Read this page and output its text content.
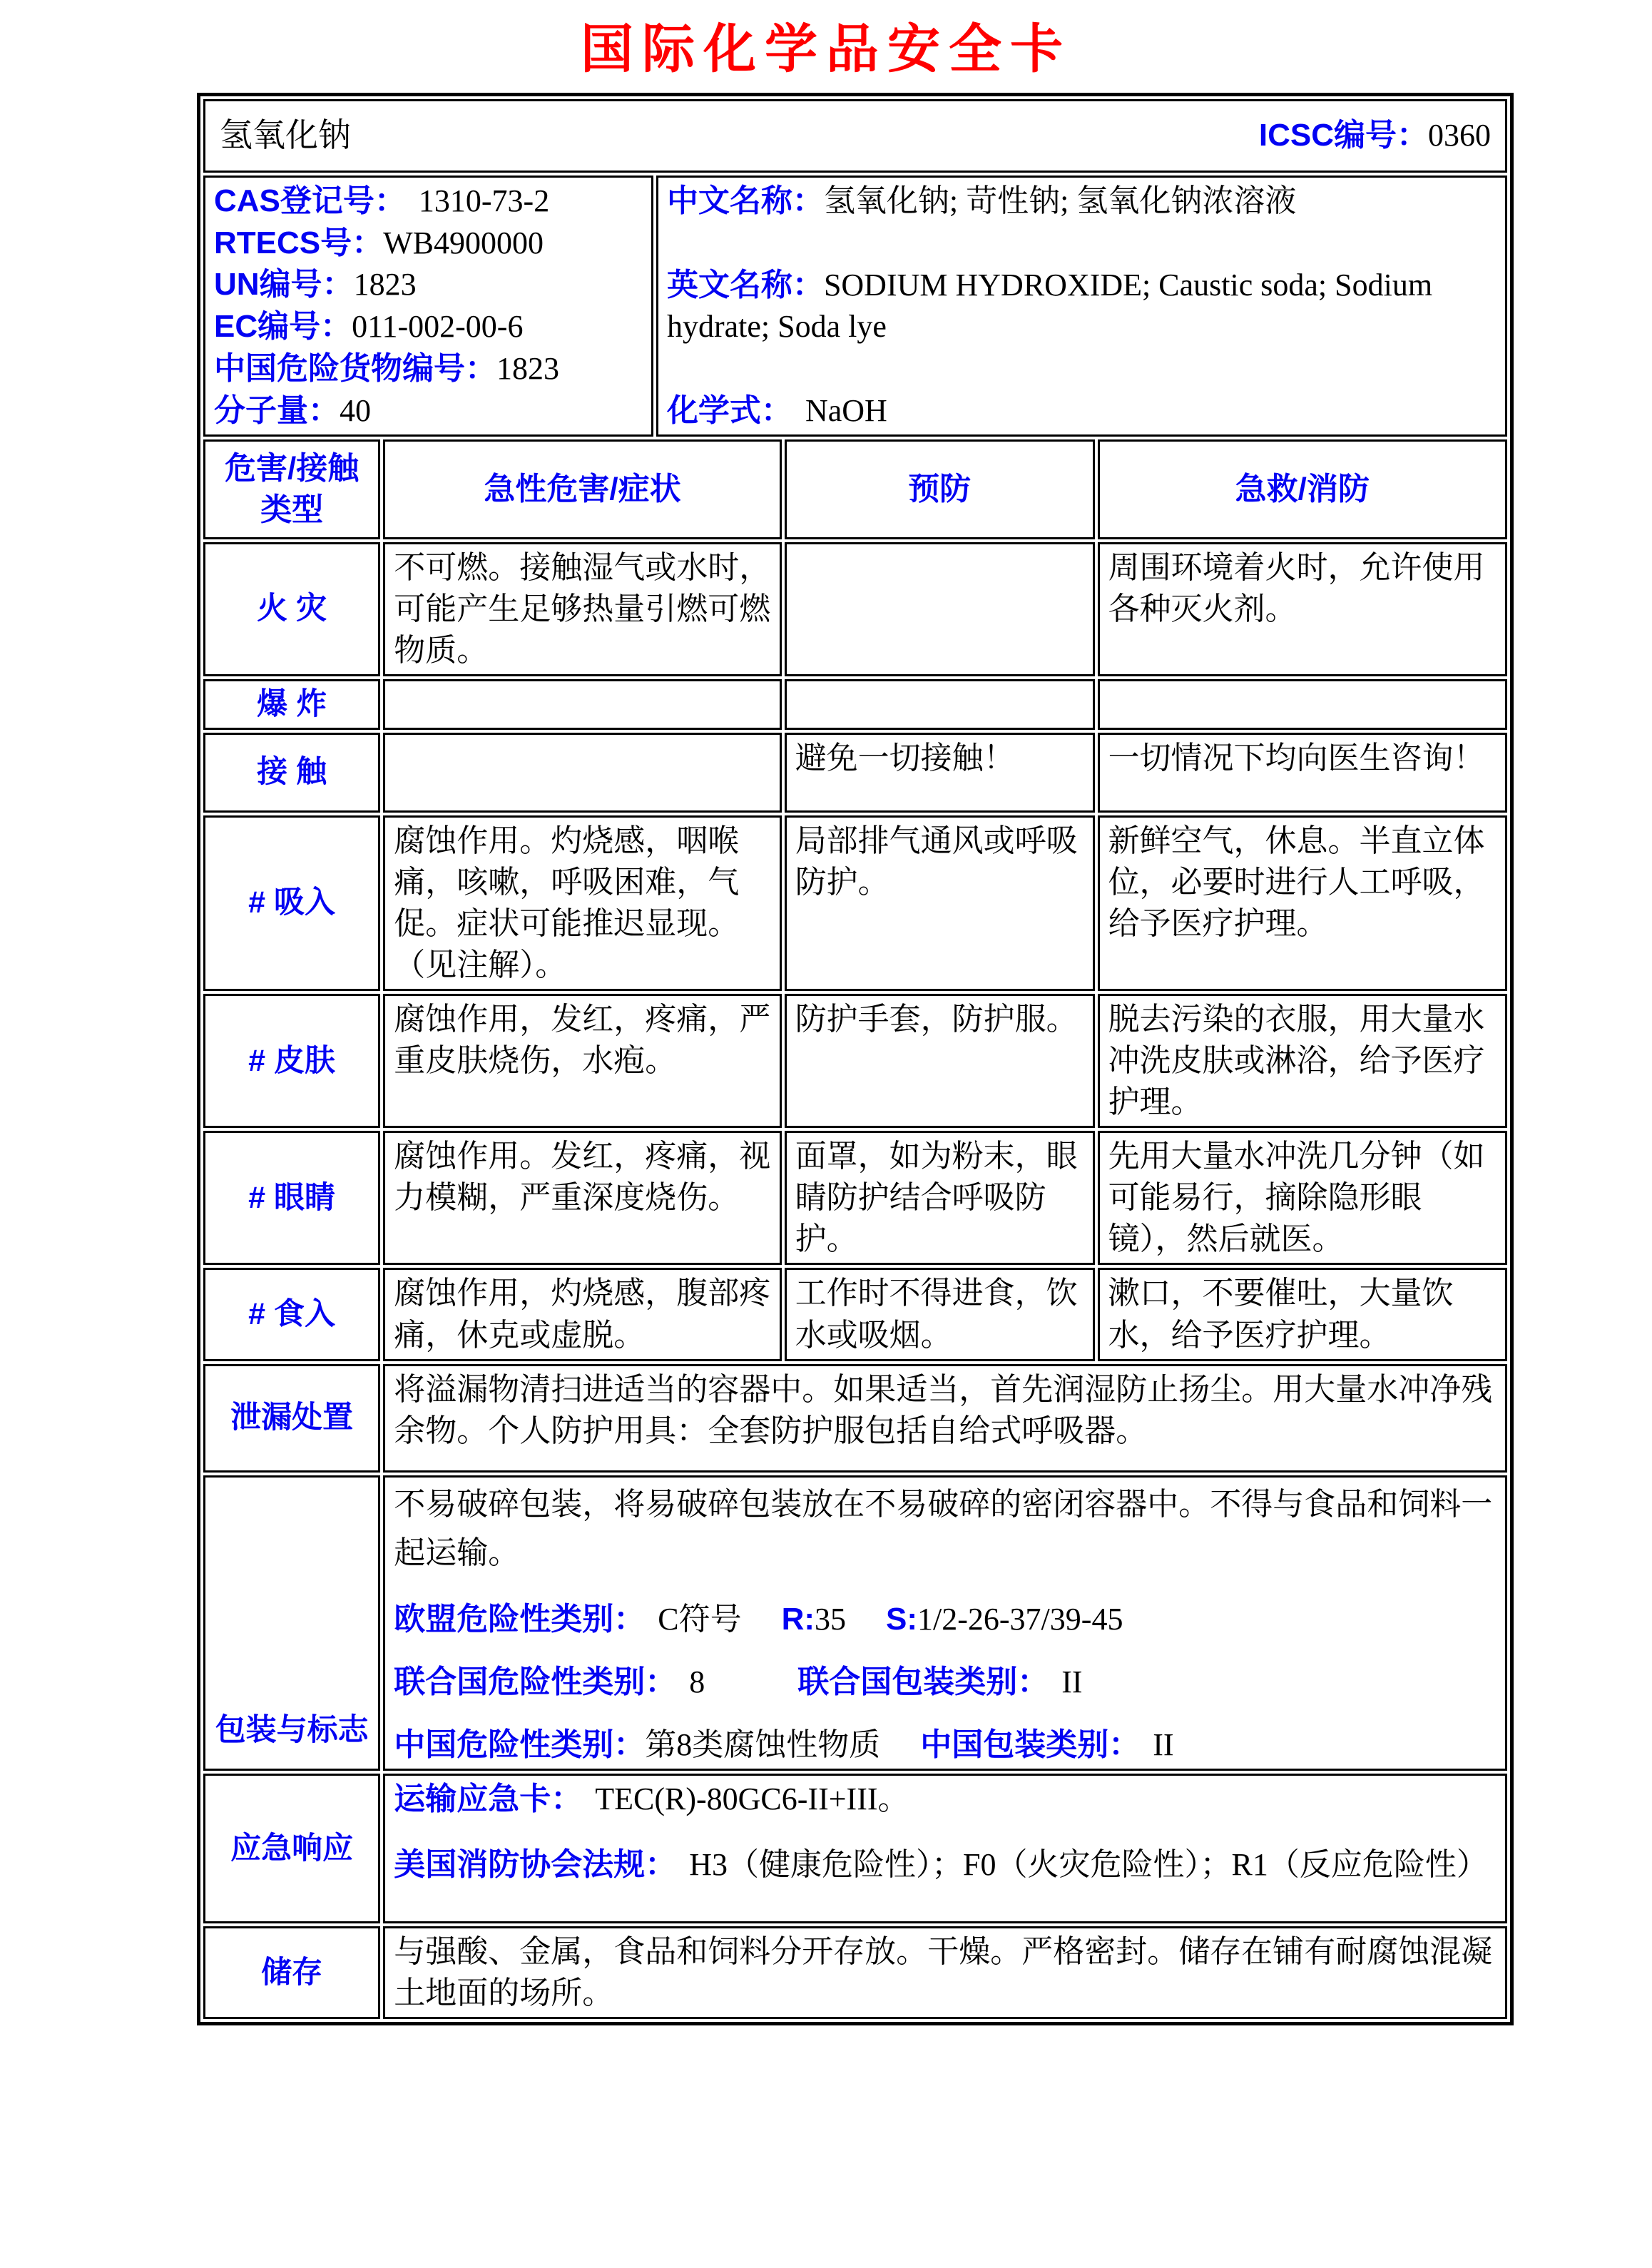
国际化学品安全卡
氢氧化钠 ICSC编号：0360				

CAS登记号： 1310-73-2
RTECS号：WB4900000
UN编号：1823
EC编号：011-002-00-6
中国危险货物编号：1823
分子量：40

中文名称：氢氧化钠; 苛性钠; 氢氧化钠浓溶液
英文名称：SODIUM HYDROXIDE; Caustic soda; Sodium hydrate; Soda lye
化学式： NaOH

危害/接触类型	急性危害/症状		预防	急救/消防
火 灾	不可燃。接触湿气或水时，可能产生足够热量引燃可燃物质。			周围环境着火时，允许使用各种灭火剂。
爆 炸				
接 触			避免一切接触！	一切情况下均向医生咨询！
# 吸入	腐蚀作用。灼烧感，咽喉痛，咳嗽，呼吸困难，气促。症状可能推迟显现。（见注解）。		局部排气通风或呼吸防护。	新鲜空气，休息。半直立体位，必要时进行人工呼吸，给予医疗护理。
# 皮肤	腐蚀作用，发红，疼痛，严重皮肤烧伤，水疱。		防护手套，防护服。	脱去污染的衣服，用大量水冲洗皮肤或淋浴，给予医疗护理。
# 眼睛	腐蚀作用。发红，疼痛，视力模糊，严重深度烧伤。		面罩，如为粉末，眼睛防护结合呼吸防护。	先用大量水冲洗几分钟（如可能易行，摘除隐形眼镜），然后就医。
# 食入	腐蚀作用，灼烧感，腹部疼痛，休克或虚脱。		工作时不得进食，饮水或吸烟。	漱口，不要催吐，大量饮水，给予医疗护理。
泄漏处置	将溢漏物清扫进适当的容器中。如果适当，首先润湿防止扬尘。用大量水冲净残余物。个人防护用具：全套防护服包括自给式呼吸器。			
包装与标志	不易破碎包装，将易破碎包装放在不易破碎的密闭容器中。不得与食品和饲料一起运输。
欧盟危险性类别： C符号 R:35 S:1/2-26-37/39-45
联合国危险性类别： 8 联合国包装类别： II
中国危险性类别：第8类腐蚀性物质 中国包装类别： II			

应急响应	运输应急卡： TEC(R)-80GC6-II+III。
美国消防协会法规： H3（健康危险性）；F0（火灾危险性）；R1（反应危险性）			

储存	与强酸、金属，食品和饲料分开存放。干燥。严格密封。储存在铺有耐腐蚀混凝土地面的场所。			
